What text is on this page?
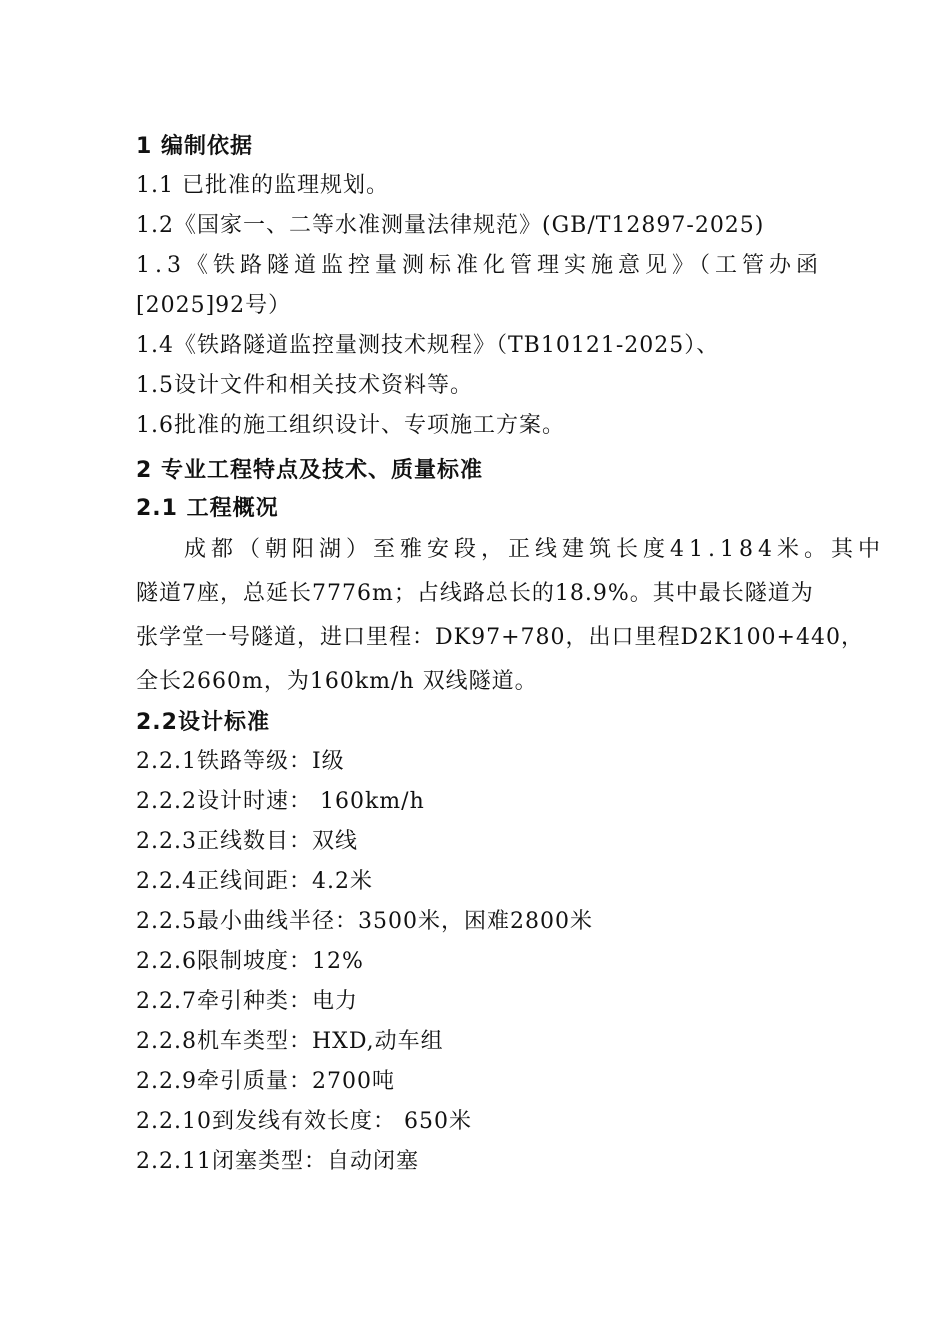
1 编制依据
1.1 已批准的监理规划。
1.2《国家一、二等水准测量法律规范》(GB/T12897-2025)
1.3《铁路隧道监控量测标准化管理实施意见》（工管办函
[2025]92号）
1.4《铁路隧道监控量测技术规程》（TB10121-2025）、
1.5设计文件和相关技术资料等。
1.6批准的施工组织设计、专项施工方案。
2 专业工程特点及技术、质量标准
2.1 工程概况
成都（朝阳湖）至雅安段，正线建筑长度41.184米。其中
隧道7座，总延长7776m；占线路总长的18.9%。其中最长隧道为
张学堂一号隧道，进口里程：DK97+780，出口里程D2K100+440，
全长2660m，为160km/h 双线隧道。
2.2设计标准
2.2.1铁路等级：I级
2.2.2设计时速： 160km/h
2.2.3正线数目：双线
2.2.4正线间距：4.2米
2.2.5最小曲线半径：3500米，困难2800米
2.2.6限制坡度：12%
2.2.7牵引种类：电力
2.2.8机车类型：HXD,动车组
2.2.9牵引质量：2700吨
2.2.10到发线有效长度： 650米
2.2.11闭塞类型：自动闭塞
